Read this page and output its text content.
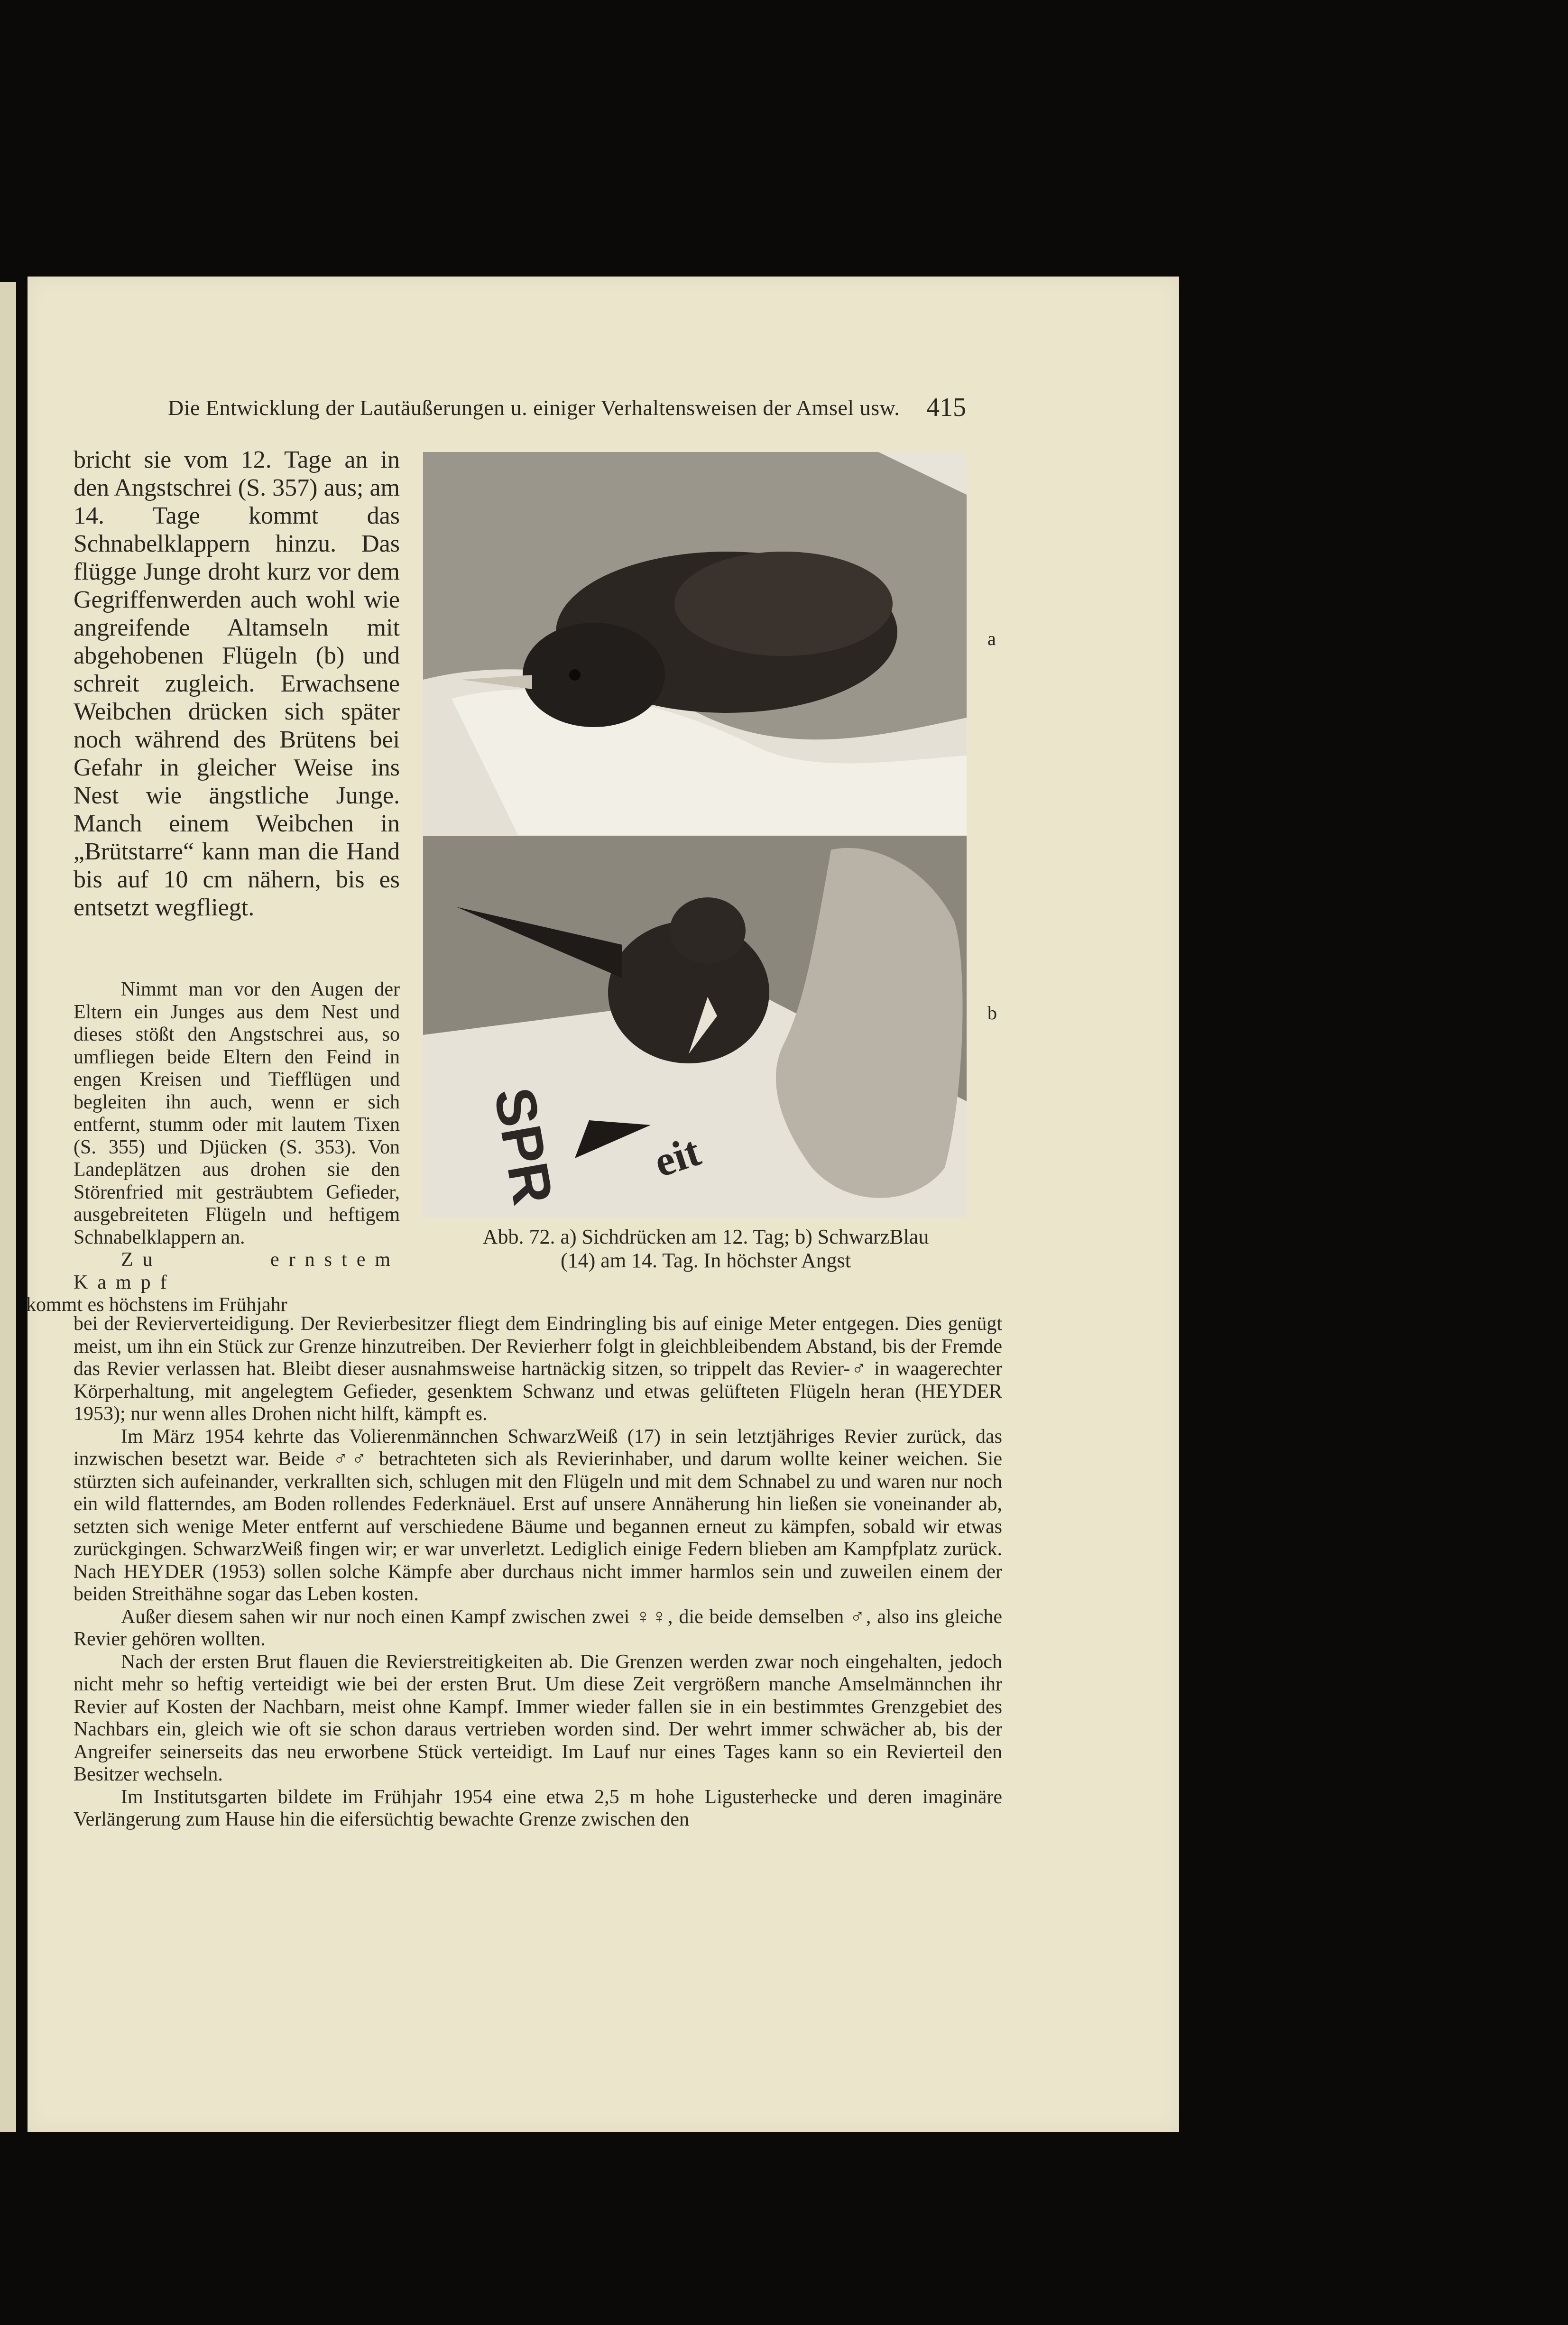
Die Entwicklung der Lautäußerungen u. einiger Verhaltensweisen der Amsel usw. 415

bricht sie vom 12. Tage an in den Angstschrei (S. 357) aus; am 14. Tage kommt das Schnabelklappern hinzu. Das flügge Junge droht kurz vor dem Gegriffenwerden auch wohl wie angreifende Altamseln mit abgehobenen Flügeln (b) und schreit zugleich. Erwachsene Weibchen drücken sich später noch während des Brütens bei Gefahr in gleicher Weise ins Nest wie ängstliche Junge. Manch einem Weibchen in „Brütstarre“ kann man die Hand bis auf 10 cm nähern, bis es entsetzt wegfliegt.

Nimmt man vor den Augen der Eltern ein Junges aus dem Nest und dieses stößt den Angstschrei aus, so umfliegen beide Eltern den Feind in engen Kreisen und Tiefflügen und begleiten ihn auch, wenn er sich entfernt, stumm oder mit lautem Tixen (S. 355) und Djücken (S. 353). Von Landeplätzen aus drohen sie den Störenfried mit gesträubtem Gefieder, ausgebreiteten Flügeln und heftigem Schnabelklappern an.

Zu ernstem Kampf
kommt es höchstens im Frühjahr

a
SPR eit
b
Abb. 72. a) Sichdrücken am 12. Tag; b) SchwarzBlau
(14) am 14. Tag. In höchster Angst

bei der Revierverteidigung. Der Revierbesitzer fliegt dem Eindringling bis auf einige Meter entgegen. Dies genügt meist, um ihn ein Stück zur Grenze hinzutreiben. Der Revierherr folgt in gleichbleibendem Abstand, bis der Fremde das Revier verlassen hat. Bleibt dieser ausnahmsweise hartnäckig sitzen, so trippelt das Revier-♂ in waagerechter Körperhaltung, mit angelegtem Gefieder, gesenktem Schwanz und etwas gelüfteten Flügeln heran (HEYDER 1953); nur wenn alles Drohen nicht hilft, kämpft es.

Im März 1954 kehrte das Volierenmännchen SchwarzWeiß (17) in sein letztjähriges Revier zurück, das inzwischen besetzt war. Beide ♂♂ betrachteten sich als Revierinhaber, und darum wollte keiner weichen. Sie stürzten sich aufeinander, verkrallten sich, schlugen mit den Flügeln und mit dem Schnabel zu und waren nur noch ein wild flatterndes, am Boden rollendes Federknäuel. Erst auf unsere Annäherung hin ließen sie voneinander ab, setzten sich wenige Meter entfernt auf verschiedene Bäume und begannen erneut zu kämpfen, sobald wir etwas zurückgingen. SchwarzWeiß fingen wir; er war unverletzt. Lediglich einige Federn blieben am Kampfplatz zurück. Nach HEYDER (1953) sollen solche Kämpfe aber durchaus nicht immer harmlos sein und zuweilen einem der beiden Streithähne sogar das Leben kosten.

Außer diesem sahen wir nur noch einen Kampf zwischen zwei ♀♀, die beide demselben ♂, also ins gleiche Revier gehören wollten.

Nach der ersten Brut flauen die Revierstreitigkeiten ab. Die Grenzen werden zwar noch eingehalten, jedoch nicht mehr so heftig verteidigt wie bei der ersten Brut. Um diese Zeit vergrößern manche Amselmännchen ihr Revier auf Kosten der Nachbarn, meist ohne Kampf. Immer wieder fallen sie in ein bestimmtes Grenzgebiet des Nachbars ein, gleich wie oft sie schon daraus vertrieben worden sind. Der wehrt immer schwächer ab, bis der Angreifer seinerseits das neu erworbene Stück verteidigt. Im Lauf nur eines Tages kann so ein Revierteil den Besitzer wechseln.

Im Institutsgarten bildete im Frühjahr 1954 eine etwa 2,5 m hohe Ligusterhecke und deren imaginäre Verlängerung zum Hause hin die eifersüchtig bewachte Grenze zwischen den
